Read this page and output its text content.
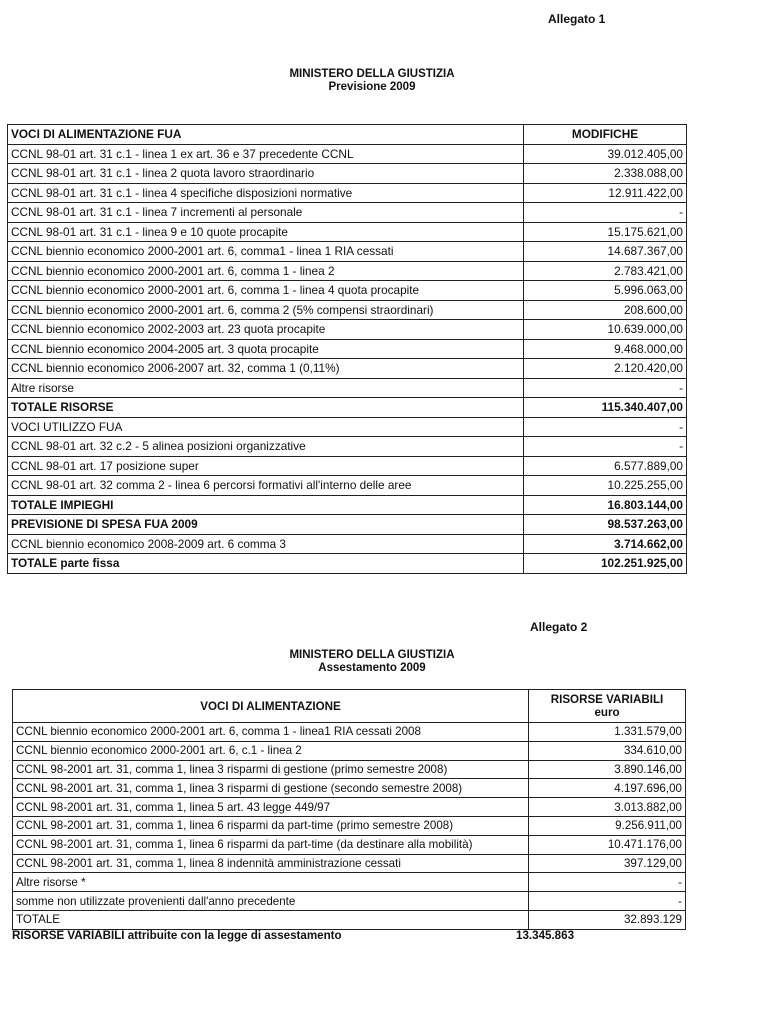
Allegato 1
MINISTERO DELLA GIUSTIZIA
Previsione 2009
VOCI DI ALIMENTAZIONE FUA	MODIFICHE
CCNL 98-01 art. 31 c.1 - linea 1 ex art. 36 e 37 precedente CCNL	39.012.405,00
CCNL 98-01 art. 31 c.1 - linea 2 quota lavoro straordinario	2.338.088,00
CCNL 98-01 art. 31 c.1 - linea 4 specifiche disposizioni normative	12.911.422,00
CCNL 98-01 art. 31 c.1 - linea 7 incrementi al personale	-
CCNL 98-01 art. 31 c.1 - linea 9 e 10 quote procapite	15.175.621,00
CCNL biennio economico 2000-2001 art. 6, comma1 - linea 1 RIA cessati	14.687.367,00
CCNL biennio economico 2000-2001 art. 6, comma 1 - linea 2	2.783.421,00
CCNL biennio economico 2000-2001 art. 6, comma 1 - linea 4 quota procapite	5.996.063,00
CCNL biennio economico 2000-2001 art. 6, comma 2 (5% compensi straordinari)	208.600,00
CCNL biennio economico 2002-2003 art. 23 quota procapite	10.639.000,00
CCNL biennio economico 2004-2005 art. 3 quota procapite	9.468.000,00
CCNL biennio economico 2006-2007 art. 32, comma 1 (0,11%)	2.120.420,00
Altre risorse	-
TOTALE RISORSE	115.340.407,00
VOCI UTILIZZO FUA	-
CCNL 98-01 art. 32 c.2 - 5 alinea posizioni organizzative	-
CCNL 98-01 art. 17 posizione super	6.577.889,00
CCNL 98-01 art. 32 comma 2 - linea 6 percorsi formativi all'interno delle aree	10.225.255,00
TOTALE IMPIEGHI	16.803.144,00
PREVISIONE DI SPESA FUA 2009	98.537.263,00
CCNL biennio economico 2008-2009 art. 6 comma 3	3.714.662,00
TOTALE parte fissa	102.251.925,00
Allegato 2
MINISTERO DELLA GIUSTIZIA
Assestamento 2009
VOCI DI ALIMENTAZIONE	RISORSE VARIABILI
euro

CCNL biennio economico 2000-2001 art. 6, comma 1 - linea1 RIA cessati 2008	1.331.579,00
CCNL biennio economico 2000-2001 art. 6, c.1 - linea 2	334.610,00
CCNL 98-2001 art. 31, comma 1, linea 3 risparmi di gestione (primo semestre 2008)	3.890.146,00
CCNL 98-2001 art. 31, comma 1, linea 3 risparmi di gestione (secondo semestre 2008)	4.197.696,00
CCNL 98-2001 art. 31, comma 1, linea 5 art. 43 legge 449/97	3.013.882,00
CCNL 98-2001 art. 31, comma 1, linea 6 risparmi da part-time (primo semestre 2008)	9.256.911,00
CCNL 98-2001 art. 31, comma 1, linea 6 risparmi da part-time (da destinare alla mobilità)	10.471.176,00
CCNL 98-2001 art. 31, comma 1, linea 8 indennità amministrazione cessati	397.129,00
Altre risorse *	-
somme non utilizzate provenienti dall'anno precedente	-
TOTALE	32.893.129
RISORSE VARIABILI attribuite con la legge di assestamento	13.345.863
